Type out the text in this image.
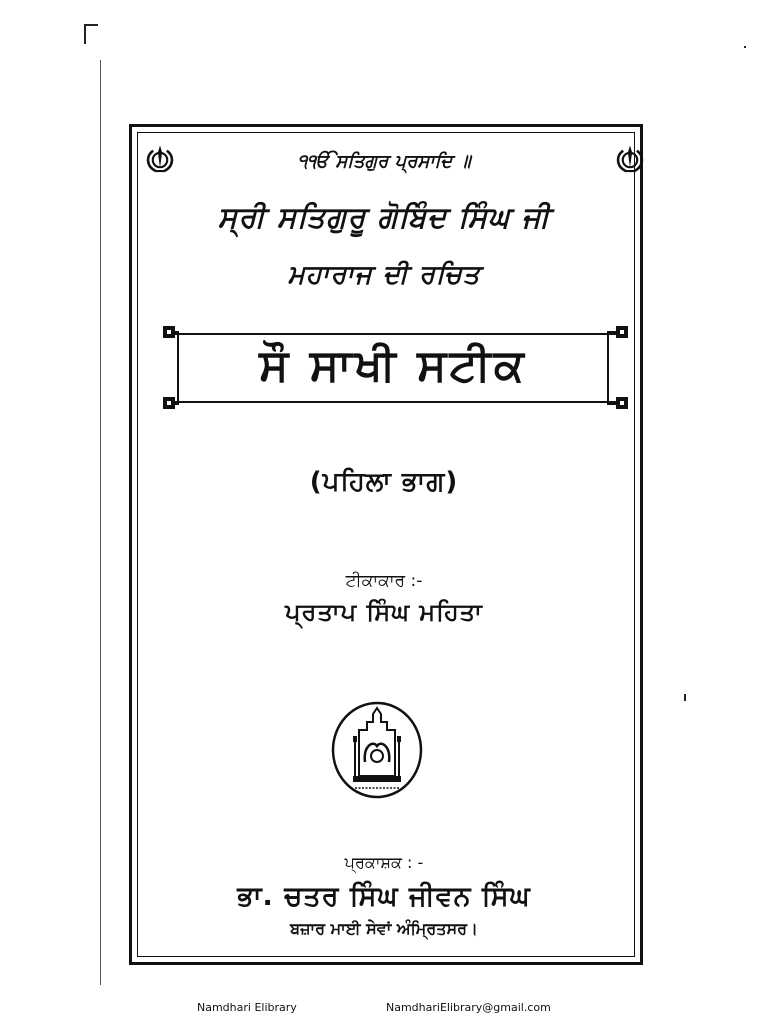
੧ੴ ਸਤਿਗੁਰ ਪ੍ਰਸਾਦਿ ॥
ਸ੍ਰੀ ਸਤਿਗੁਰੂ ਗੋਬਿੰਦ ਸਿੰਘ ਜੀ
ਮਹਾਰਾਜ ਦੀ ਰਚਿਤ
ਸੌ ਸਾਖੀ ਸਟੀਕ
(ਪਹਿਲਾ ਭਾਗ)
ਟੀਕਾਕਾਰ :-
ਪ੍ਰਤਾਪ ਸਿੰਘ ਮਹਿਤਾ
ਪ੍ਰਕਾਸ਼ਕ : -
ਭਾ. ਚਤਰ ਸਿੰਘ ਜੀਵਨ ਸਿੰਘ
ਬਜ਼ਾਰ ਮਾਈ ਸੇਵਾਂ ਅੰਮ੍ਰਿਤਸਰ।
Namdhari Elibrary	NamdhariElibrary@gmail.com
